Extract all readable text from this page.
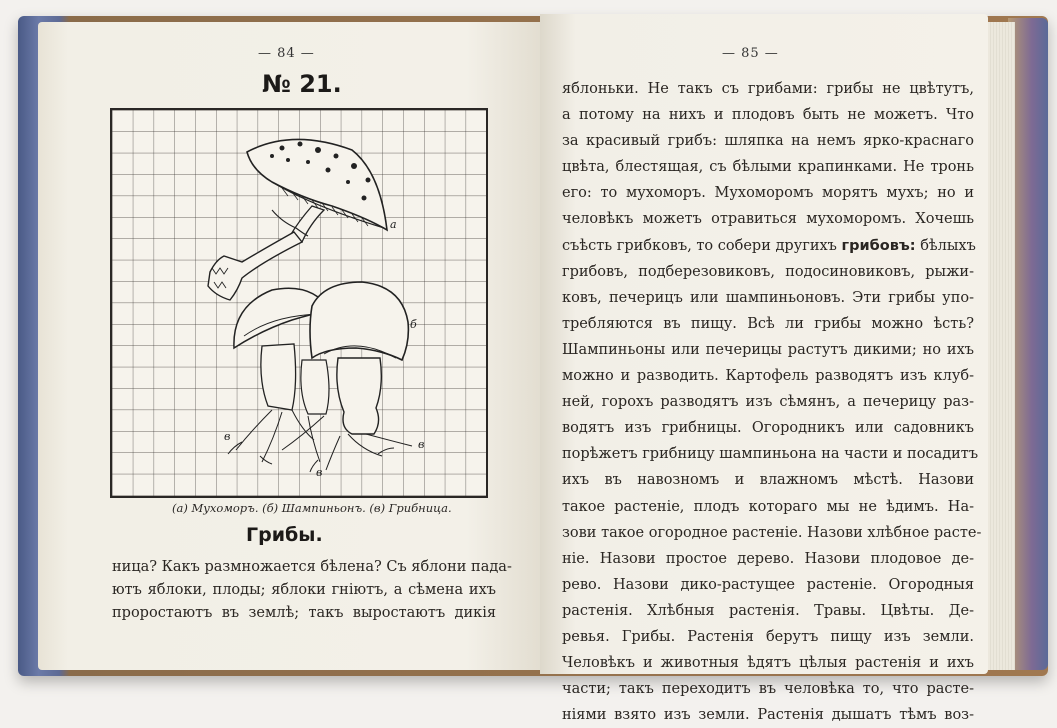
— 84 —	— 85 —
№ 21.
a
б
в
в
в
(а) Мухоморъ. (б) Шампиньонъ. (в) Грибница.
Грибы.
ница? Какъ размножается бѣлена? Съ яблони пада-
ютъ яблоки, плоды; яблоки гніютъ, а сѣмена ихъ
проростаютъ въ землѣ; такъ выростаютъ дикія
яблоньки. Не такъ съ грибами: грибы не цвѣтутъ,
а потому на нихъ и плодовъ быть не можетъ. Что
за красивый грибъ: шляпка на немъ ярко-краснаго
цвѣта, блестящая, съ бѣлыми крапинками. Не тронь
его: то мухоморъ. Мухоморомъ морятъ мухъ; но и
человѣкъ можетъ отравиться мухоморомъ. Хочешь
съѣсть грибковъ, то собери другихъ грибовъ: бѣлыхъ
грибовъ, подберезовиковъ, подосиновиковъ, рыжи-
ковъ, печерицъ или шампиньоновъ. Эти грибы упо-
требляются въ пищу. Всѣ ли грибы можно ѣсть?
Шампиньоны или печерицы растутъ дикими; но ихъ
можно и разводить. Картофель разводятъ изъ клуб-
ней, горохъ разводятъ изъ сѣмянъ, а печерицу раз-
водятъ изъ грибницы. Огородникъ или садовникъ
порѣжетъ грибницу шампиньона на части и посадитъ
ихъ въ навозномъ и влажномъ мѣстѣ. Назови
такое растеніе, плодъ котораго мы не ѣдимъ. На-
зови такое огородное растеніе. Назови хлѣбное расте-
ніе. Назови простое дерево. Назови плодовое де-
рево. Назови дико-растущее растеніе. Огородныя
растенія. Хлѣбныя растенія. Травы. Цвѣты. Де-
ревья. Грибы. Растенія берутъ пищу изъ земли.
Человѣкъ и животныя ѣдятъ цѣлыя растенія и ихъ
части; такъ переходитъ въ человѣка то, что расте-
ніями взято изъ земли. Растенія дышатъ тѣмъ воз-
